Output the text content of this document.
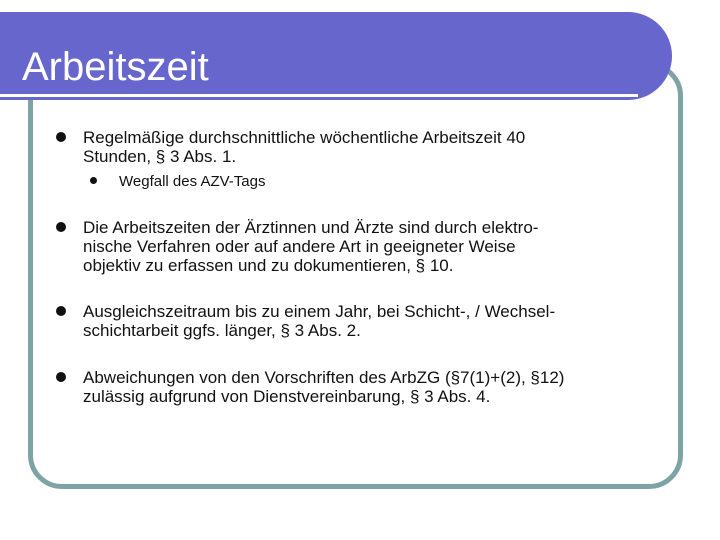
Arbeitszeit
Regelmäßige durchschnittliche wöchentliche Arbeitszeit 40
Stunden, § 3 Abs. 1.
Wegfall des AZV-Tags
Die Arbeitszeiten der Ärztinnen und Ärzte sind durch elektro-
nische Verfahren oder auf andere Art in geeigneter Weise
objektiv zu erfassen und zu dokumentieren, § 10.
Ausgleichszeitraum bis zu einem Jahr, bei Schicht-, / Wechsel-
schichtarbeit ggfs. länger, § 3 Abs. 2.
Abweichungen von den Vorschriften des ArbZG (§7(1)+(2), §12)
zulässig aufgrund von Dienstvereinbarung, § 3 Abs. 4.
